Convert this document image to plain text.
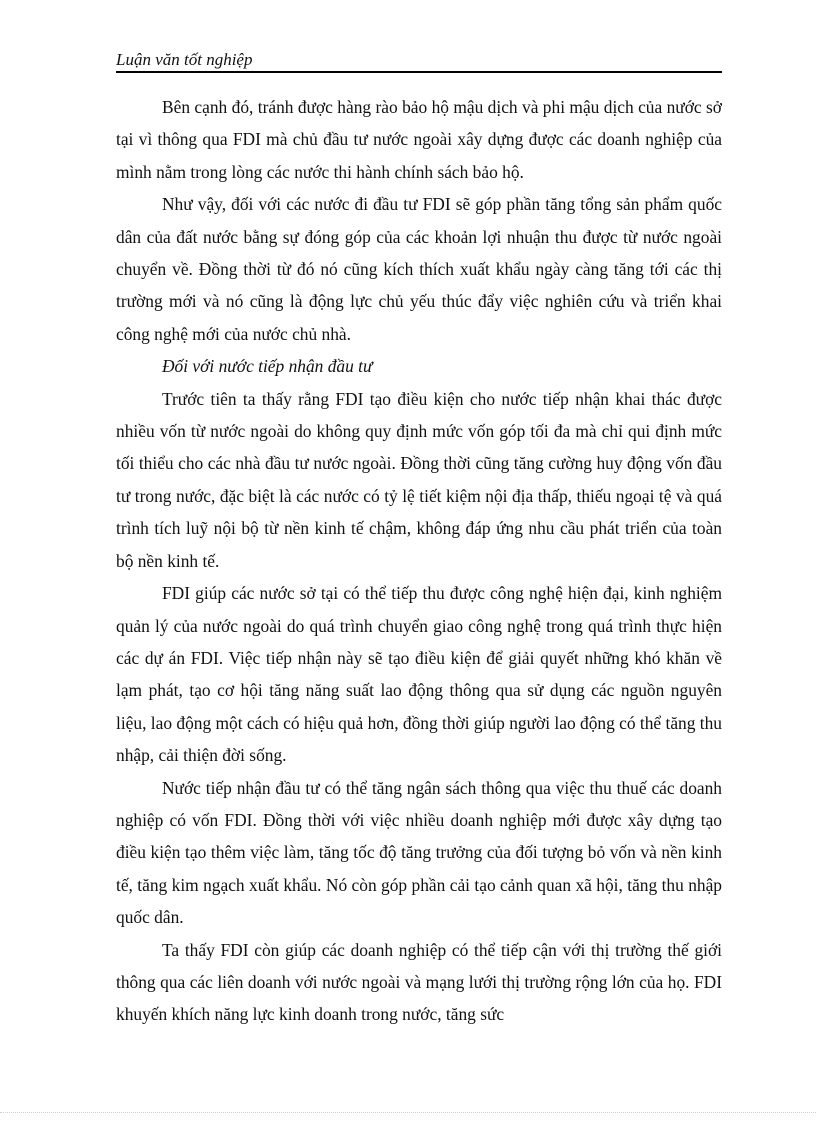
Luận văn tốt nghiệp

Bên cạnh đó, tránh được hàng rào bảo hộ mậu dịch và phi mậu dịch của nước sở tại vì thông qua FDI mà chủ đầu tư nước ngoài xây dựng được các doanh nghiệp của mình nằm trong lòng các nước thi hành chính sách bảo hộ.

Như vậy, đối với các nước đi đầu tư FDI sẽ góp phần tăng tổng sản phẩm quốc dân của đất nước bằng sự đóng góp của các khoản lợi nhuận thu được từ nước ngoài chuyển về. Đồng thời từ đó nó cũng kích thích xuất khẩu ngày càng tăng tới các thị trường mới và nó cũng là động lực chủ yếu thúc đẩy việc nghiên cứu và triển khai công nghệ mới của nước chủ nhà.

Đối với nước tiếp nhận đầu tư

Trước tiên ta thấy rằng FDI tạo điều kiện cho nước tiếp nhận khai thác được nhiều vốn từ nước ngoài do không quy định mức vốn góp tối đa mà chỉ qui định mức tối thiểu cho các nhà đầu tư nước ngoài. Đồng thời cũng tăng cường huy động vốn đầu tư trong nước, đặc biệt là các nước có tỷ lệ tiết kiệm nội địa thấp, thiếu ngoại tệ và quá trình tích luỹ nội bộ từ nền kinh tế chậm, không đáp ứng nhu cầu phát triển của toàn bộ nền kinh tế.

FDI giúp các nước sở tại có thể tiếp thu được công nghệ hiện đại, kinh nghiệm quản lý của nước ngoài do quá trình chuyển giao công nghệ trong quá trình thực hiện các dự án FDI. Việc tiếp nhận này sẽ tạo điều kiện để giải quyết những khó khăn về lạm phát, tạo cơ hội tăng năng suất lao động thông qua sử dụng các nguồn nguyên liệu, lao động một cách có hiệu quả hơn, đồng thời giúp người lao động có thể tăng thu nhập, cải thiện đời sống.

Nước tiếp nhận đầu tư có thể tăng ngân sách thông qua việc thu thuế các doanh nghiệp có vốn FDI. Đồng thời với việc nhiều doanh nghiệp mới được xây dựng tạo điều kiện tạo thêm việc làm, tăng tốc độ tăng trưởng của đối tượng bỏ vốn và nền kinh tế, tăng kim ngạch xuất khẩu. Nó còn góp phần cải tạo cảnh quan xã hội, tăng thu nhập quốc dân.

Ta thấy FDI còn giúp các doanh nghiệp có thể tiếp cận với thị trường thế giới thông qua các liên doanh với nước ngoài và mạng lưới thị trường rộng lớn của họ. FDI khuyến khích năng lực kinh doanh trong nước, tăng sức
